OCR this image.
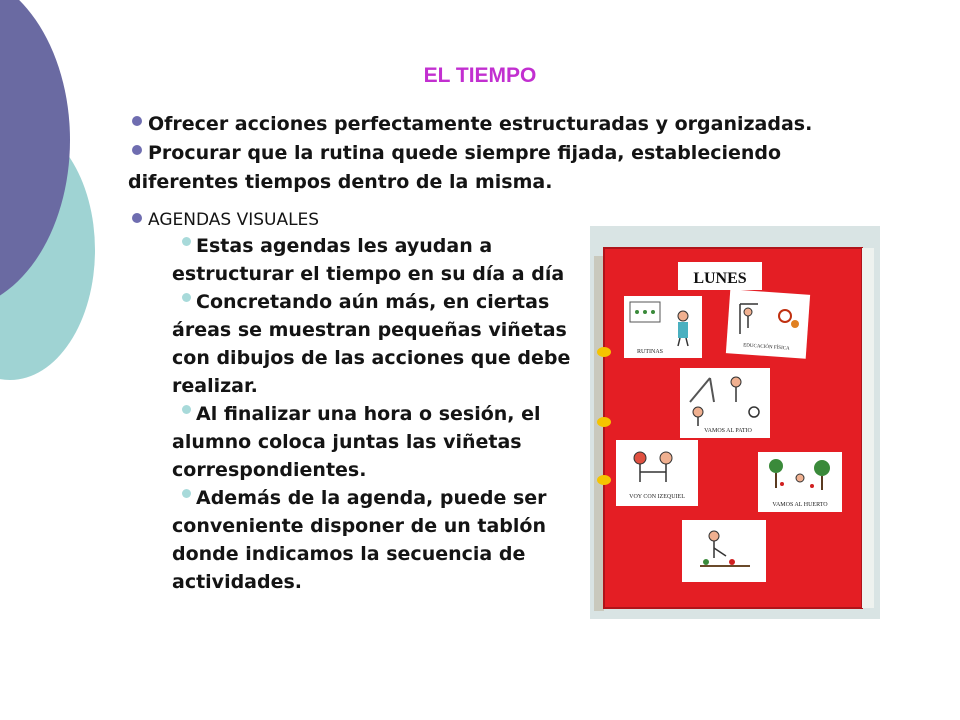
EL TIEMPO

Ofrecer acciones perfectamente estructuradas y organizadas.

Procurar que la rutina quede siempre fijada, estableciendo diferentes tiempos dentro de la misma.

AGENDAS VISUALES

Estas agendas les ayudan a estructurar el tiempo en su día a día

Concretando aún más, en ciertas áreas se muestran pequeñas viñetas con dibujos de las acciones que debe realizar.

Al finalizar una hora o sesión, el alumno coloca juntas las viñetas correspondientes.

Además de la agenda, puede ser conveniente disponer de un tablón donde indicamos la secuencia de actividades.

LUNES
RUTINAS
EDUCACIÓN FÍSICA
VAMOS AL PATIO
VOY CON IZEQUIEL
VAMOS AL HUERTO
